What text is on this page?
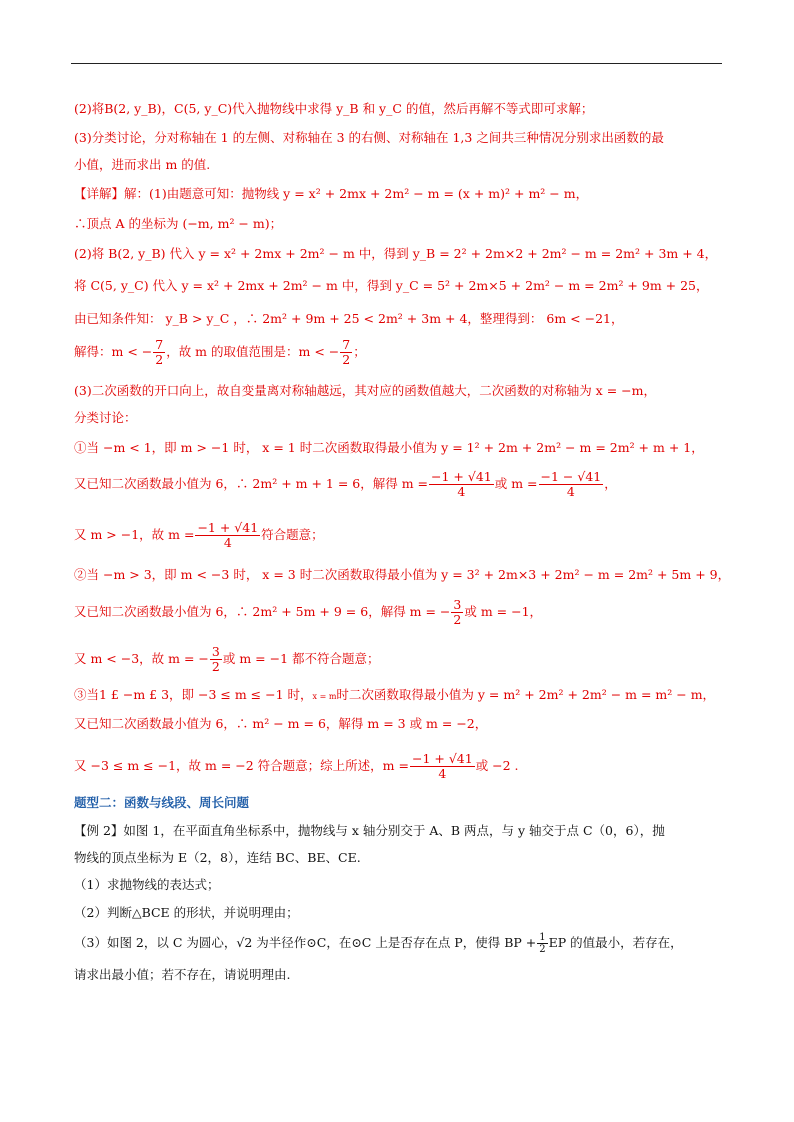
(2)将B(2, y_B)，C(5, y_C)代入抛物线中求得 y_B 和 y_C 的值，然后再解不等式即可求解；
(3)分类讨论，分对称轴在 1 的左侧、对称轴在 3 的右侧、对称轴在 1,3 之间共三种情况分别求出函数的最
小值，进而求出 m 的值.
【详解】解：(1)由题意可知：抛物线 y = x² + 2mx + 2m² − m = (x + m)² + m² − m，
∴顶点 A 的坐标为 (−m, m² − m)；
(2)将 B(2, y_B) 代入 y = x² + 2mx + 2m² − m 中，得到 y_B = 2² + 2m×2 + 2m² − m = 2m² + 3m + 4，
将 C(5, y_C) 代入 y = x² + 2mx + 2m² − m 中，得到 y_C = 5² + 2m×5 + 2m² − m = 2m² + 9m + 25，
由已知条件知： y_B > y_C ，∴ 2m² + 9m + 25 < 2m² + 3m + 4，整理得到： 6m < −21，
解得：m < − $\frac{7}{2}$ ，故 m 的取值范围是：m < − $\frac{7}{2}$ ；
(3)二次函数的开口向上，故自变量离对称轴越远，其对应的函数值越大，二次函数的对称轴为 x = −m，
分类讨论：
①当 −m < 1，即 m > −1 时， x = 1 时二次函数取得最小值为 y = 1² + 2m + 2m² − m = 2m² + m + 1，
又已知二次函数最小值为 6，∴ 2m² + m + 1 = 6，解得 $m = \frac{-1 + √41}{4}$ 或 $m = \frac{-1 - √41}{4}$ ，
又 m > −1，故 $m = \frac{-1 + √41}{4}$ 符合题意；
②当 −m > 3，即 m < −3 时， x = 3 时二次函数取得最小值为 y = 3² + 2m×3 + 2m² − m = 2m² + 5m + 9，
又已知二次函数最小值为 6，∴ 2m² + 5m + 9 = 6，解得 m = − $\frac{3}{2}$ 或 m = −1，
又 m < −3，故 m = − $\frac{3}{2}$ 或 m = −1 都不符合题意；
③当1 £ −m £ 3，即 −3 ≤ m ≤ −1 时，x = m时二次函数取得最小值为 y = m² + 2m² + 2m² − m = m² − m，
又已知二次函数最小值为 6，∴ m² − m = 6，解得 m = 3 或 m = −2，
又 −3 ≤ m ≤ −1，故 m = −2 符合题意；综上所述，$m = \frac{-1 + √41}{4}$ 或 −2 .
题型二：函数与线段、周长问题
【例 2】如图 1，在平面直角坐标系中，抛物线与 x 轴分别交于 A、B 两点，与 y 轴交于点 C（0，6），抛
物线的顶点坐标为 E（2，8），连结 BC、BE、CE.
（1）求抛物线的表达式；
（2）判断△BCE 的形状，并说明理由；
（3）如图 2，以 C 为圆心，√2 为半径作⊙C，在⊙C 上是否存在点 P，使得 BP + $\frac{1}{2}$ EP 的值最小，若存在，
请求出最小值；若不存在，请说明理由.
